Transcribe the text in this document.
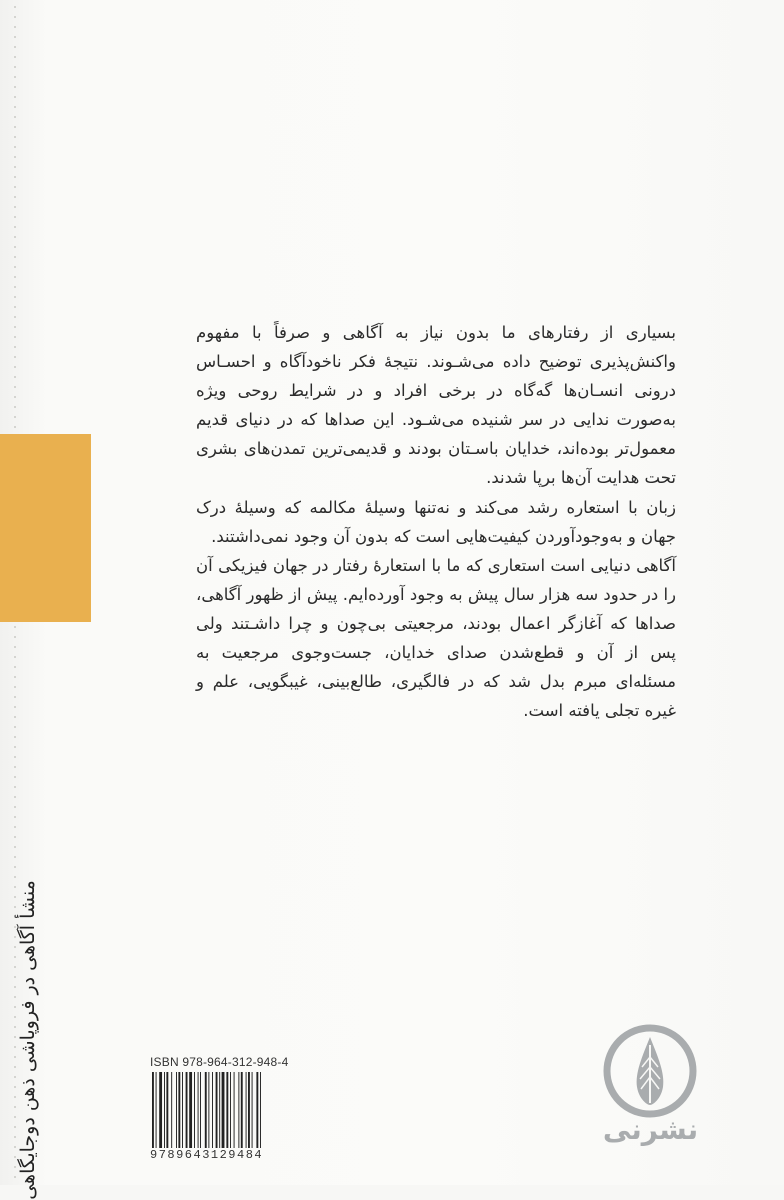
بسیاری از رفتارهای ما بدون نیاز به آگاهی و صرفاً با مفهوم واکنش‌پذیری توضیح داده می‌شـوند. نتیجهٔ فکر ناخودآگاه و احسـاس درونی انسـان‌ها گه‌گاه در برخی افراد و در شرایط روحی ویژه به‌صورت ندایی در سر شنیده می‌شـود. این صداها که در دنیای قدیم معمول‌تر بوده‌اند، خدایان باسـتان بودند و قدیمی‌ترین تمدن‌های بشری تحت هدایت آن‌ها برپا شدند.

زبان با استعاره رشد می‌کند و نه‌تنها وسیلهٔ مکالمه که وسیلهٔ درک جهان و به‌وجودآوردن کیفیت‌هایی است که بدون آن وجود نمی‌داشتند.

آگاهی دنیایی است استعاری که ما با استعارهٔ رفتار در جهان فیزیکی آن را در حدود سه هزار سال پیش به وجود آورده‌ایم. پیش از ظهور آگاهی، صداها که آغازگر اعمال بودند، مرجعیتی بی‌چون و چرا داشـتند ولی پس از آن و قطع‌شدن صدای خدایان، جست‌وجوی مرجعیت به مسئله‌ای مبرم بدل شد که در فالگیری، طالع‌بینی، غیبگویی، علم و غیره تجلی یافته است.

منشأ آگاهی در فروپاشی ذهن دوجایگاهی	ISBN 978-964-312-948-4
9789643129484
نشرنی
